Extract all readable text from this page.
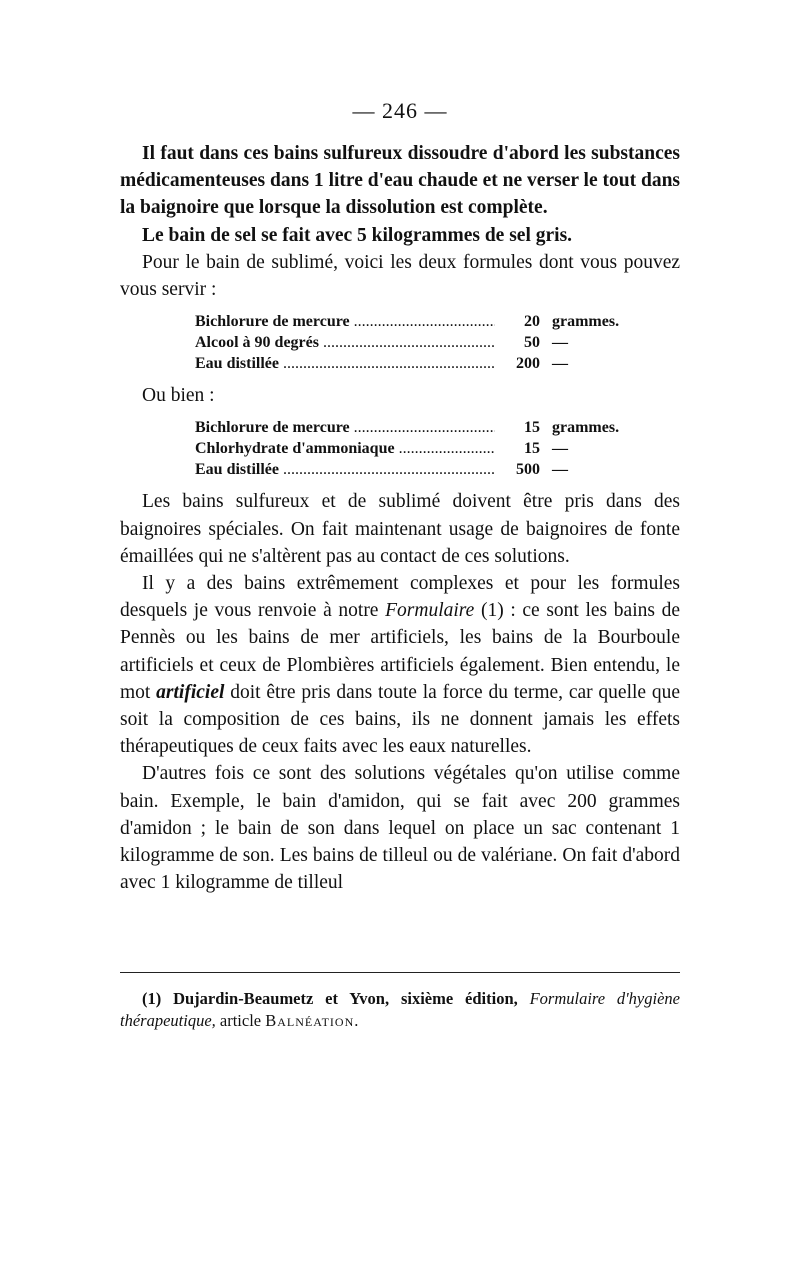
— 246 —

Il faut dans ces bains sulfureux dissoudre d'abord les substances médicamenteuses dans 1 litre d'eau chaude et ne verser le tout dans la baignoire que lorsque la dissolution est complète.

Le bain de sel se fait avec 5 kilogrammes de sel gris.

Pour le bain de sublimé, voici les deux formules dont vous pouvez vous servir :

Bichlorure de mercure .....	20 grammes.
Alcool à 90 degrés .....	50 —
Eau distillée .....	200 —

Ou bien :

Bichlorure de mercure .....	15 grammes.
Chlorhydrate d'ammoniaque .....	15 —
Eau distillée .....	500 —

Les bains sulfureux et de sublimé doivent être pris dans des baignoires spéciales. On fait maintenant usage de baignoires de fonte émaillées qui ne s'altèrent pas au contact de ces solutions.

Il y a des bains extrêmement complexes et pour les formules desquels je vous renvoie à notre Formulaire (1) : ce sont les bains de Pennès ou les bains de mer artificiels, les bains de la Bourboule artificiels et ceux de Plombières artificiels également. Bien entendu, le mot artificiel doit être pris dans toute la force du terme, car quelle que soit la composition de ces bains, ils ne donnent jamais les effets thérapeutiques de ceux faits avec les eaux naturelles.

D'autres fois ce sont des solutions végétales qu'on utilise comme bain. Exemple, le bain d'amidon, qui se fait avec 200 grammes d'amidon ; le bain de son dans lequel on place un sac contenant 1 kilogramme de son. Les bains de tilleul ou de valériane. On fait d'abord avec 1 kilogramme de tilleul

(1) Dujardin-Beaumetz et Yvon, sixième édition, Formulaire d'hygiène thérapeutique, article Balnéation.
